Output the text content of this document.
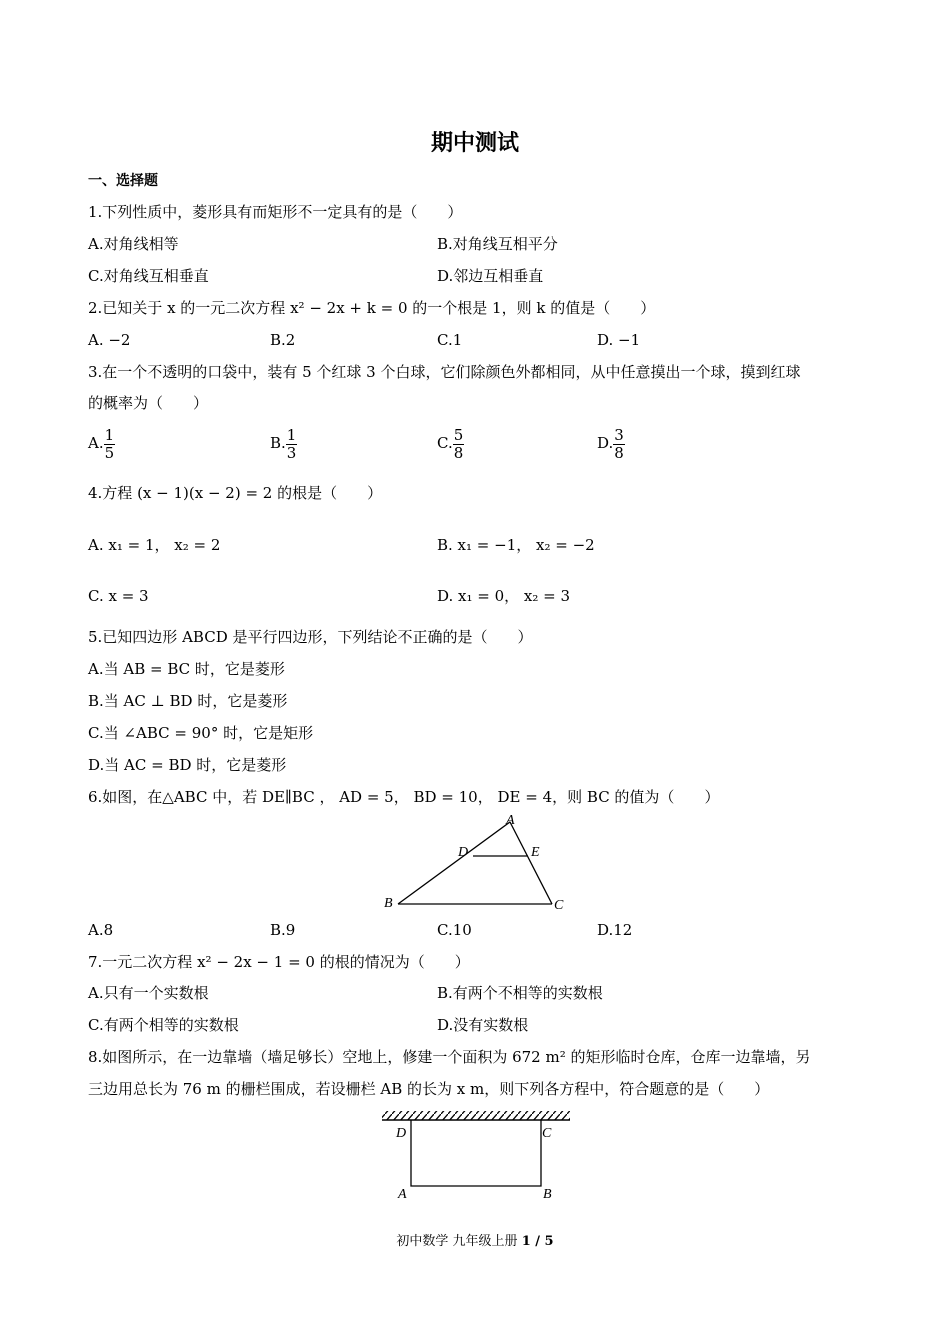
期中测试
一、选择题
1.下列性质中，菱形具有而矩形不一定具有的是（　　）
A.对角线相等	B.对角线互相平分
C.对角线互相垂直	D.邻边互相垂直
2.已知关于 x 的一元二次方程 x² − 2x + k = 0 的一个根是 1，则 k 的值是（　　）
A. −2	B.2	C.1	D. −1
3.在一个不透明的口袋中，装有 5 个红球 3 个白球，它们除颜色外都相同，从中任意摸出一个球，摸到红球
的概率为（　　）
A. $\frac{1}{5}$	B. $\frac{1}{3}$	C. $\frac{5}{8}$	D. $\frac{3}{8}$
4.方程 (x − 1)(x − 2) = 2 的根是（　　）
A. x₁ = 1， x₂ = 2	B. x₁ = −1， x₂ = −2
C. x = 3	D. x₁ = 0， x₂ = 3
5.已知四边形 ABCD 是平行四边形，下列结论不正确的是（　　）
A.当 AB = BC 时，它是菱形
B.当 AC ⊥ BD 时，它是菱形
C.当 ∠ABC = 90° 时，它是矩形
D.当 AC = BD 时，它是菱形
6.如图，在△ABC 中，若 DE∥BC ， AD = 5， BD = 10， DE = 4，则 BC 的值为（　　）
A
D	E
B	C
A.8	B.9	C.10	D.12
7.一元二次方程 x² − 2x − 1 = 0 的根的情况为（　　）
A.只有一个实数根	B.有两个不相等的实数根
C.有两个相等的实数根	D.没有实数根
8.如图所示，在一边靠墙（墙足够长）空地上，修建一个面积为 672 m² 的矩形临时仓库，仓库一边靠墙，另
三边用总长为 76 m 的栅栏围成，若设栅栏 AB 的长为 x m，则下列各方程中，符合题意的是（　　）
D	C
A	B
初中数学 九年级上册 1 / 5
